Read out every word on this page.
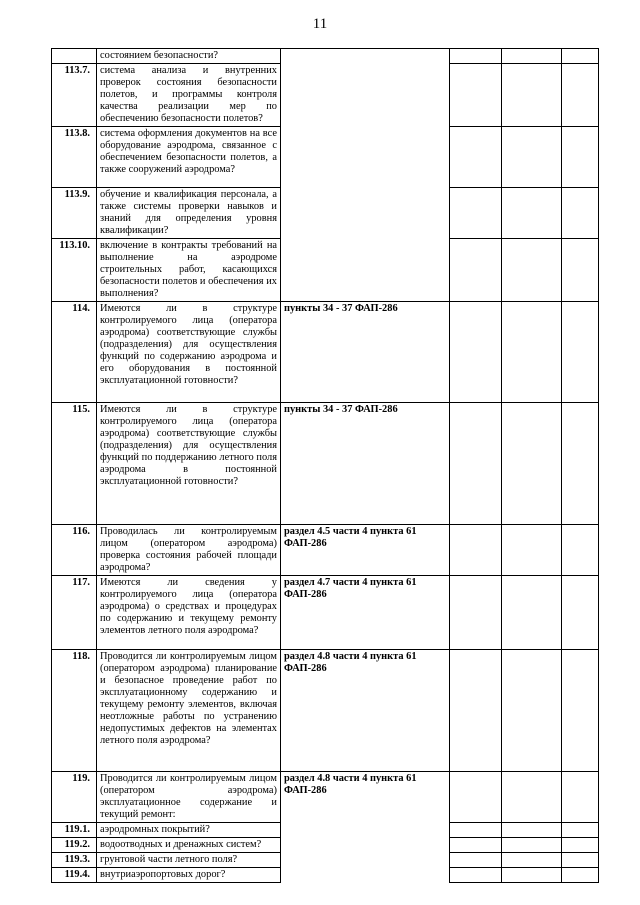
11
	состоянием безопасности?				
113.7.	система анализа и внутренних проверок состояния безопасности полетов, и программы контроля качества реализации мер по обеспечению безопасности полетов?				
113.8.	система оформления документов на все оборудование аэродрома, связанное с обеспечением безопасности полетов, а также сооружений аэродрома?				
113.9.	обучение и квалификация персонала, а также системы проверки навыков и знаний для определения уровня квалификации?				
113.10.	включение в контракты требований на выполнение на аэродроме строительных работ, касающихся безопасности полетов и обеспечения их выполнения?				
114.	Имеются ли в структуре контролируемого лица (оператора аэродрома) соответствующие службы (подразделения) для осуществления функций по содержанию аэродрома и его оборудования в постоянной эксплуатационной готовности?	пункты 34 - 37 ФАП-286			
115.	Имеются ли в структуре контролируемого лица (оператора аэродрома) соответствующие службы (подразделения) для осуществления функций по поддержанию летного поля аэродрома в постоянной эксплуатационной готовности?	пункты 34 - 37 ФАП-286			
116.	Проводилась ли контролируемым лицом (оператором аэродрома) проверка состояния рабочей площади аэродрома?	раздел 4.5 части 4 пункта 61 ФАП-286			
117.	Имеются ли сведения у контролируемого лица (оператора аэродрома) о средствах и процедурах по содержанию и текущему ремонту элементов летного поля аэродрома?	раздел 4.7 части 4 пункта 61 ФАП-286			
118.	Проводится ли контролируемым лицом (оператором аэродрома) планирование и безопасное проведение работ по эксплуатационному содержанию и текущему ремонту элементов, включая неотложные работы по устранению недопустимых дефектов на элементах летного поля аэродрома?	раздел 4.8 части 4 пункта 61 ФАП-286			
119.	Проводится ли контролируемым лицом (оператором аэродрома) эксплуатационное содержание и текущий ремонт:	раздел 4.8 части 4 пункта 61 ФАП-286			
119.1.	аэродромных покрытий?				
119.2.	водоотводных и дренажных систем?				
119.3.	грунтовой части летного поля?				
119.4.	внутриаэропортовых дорог?				
